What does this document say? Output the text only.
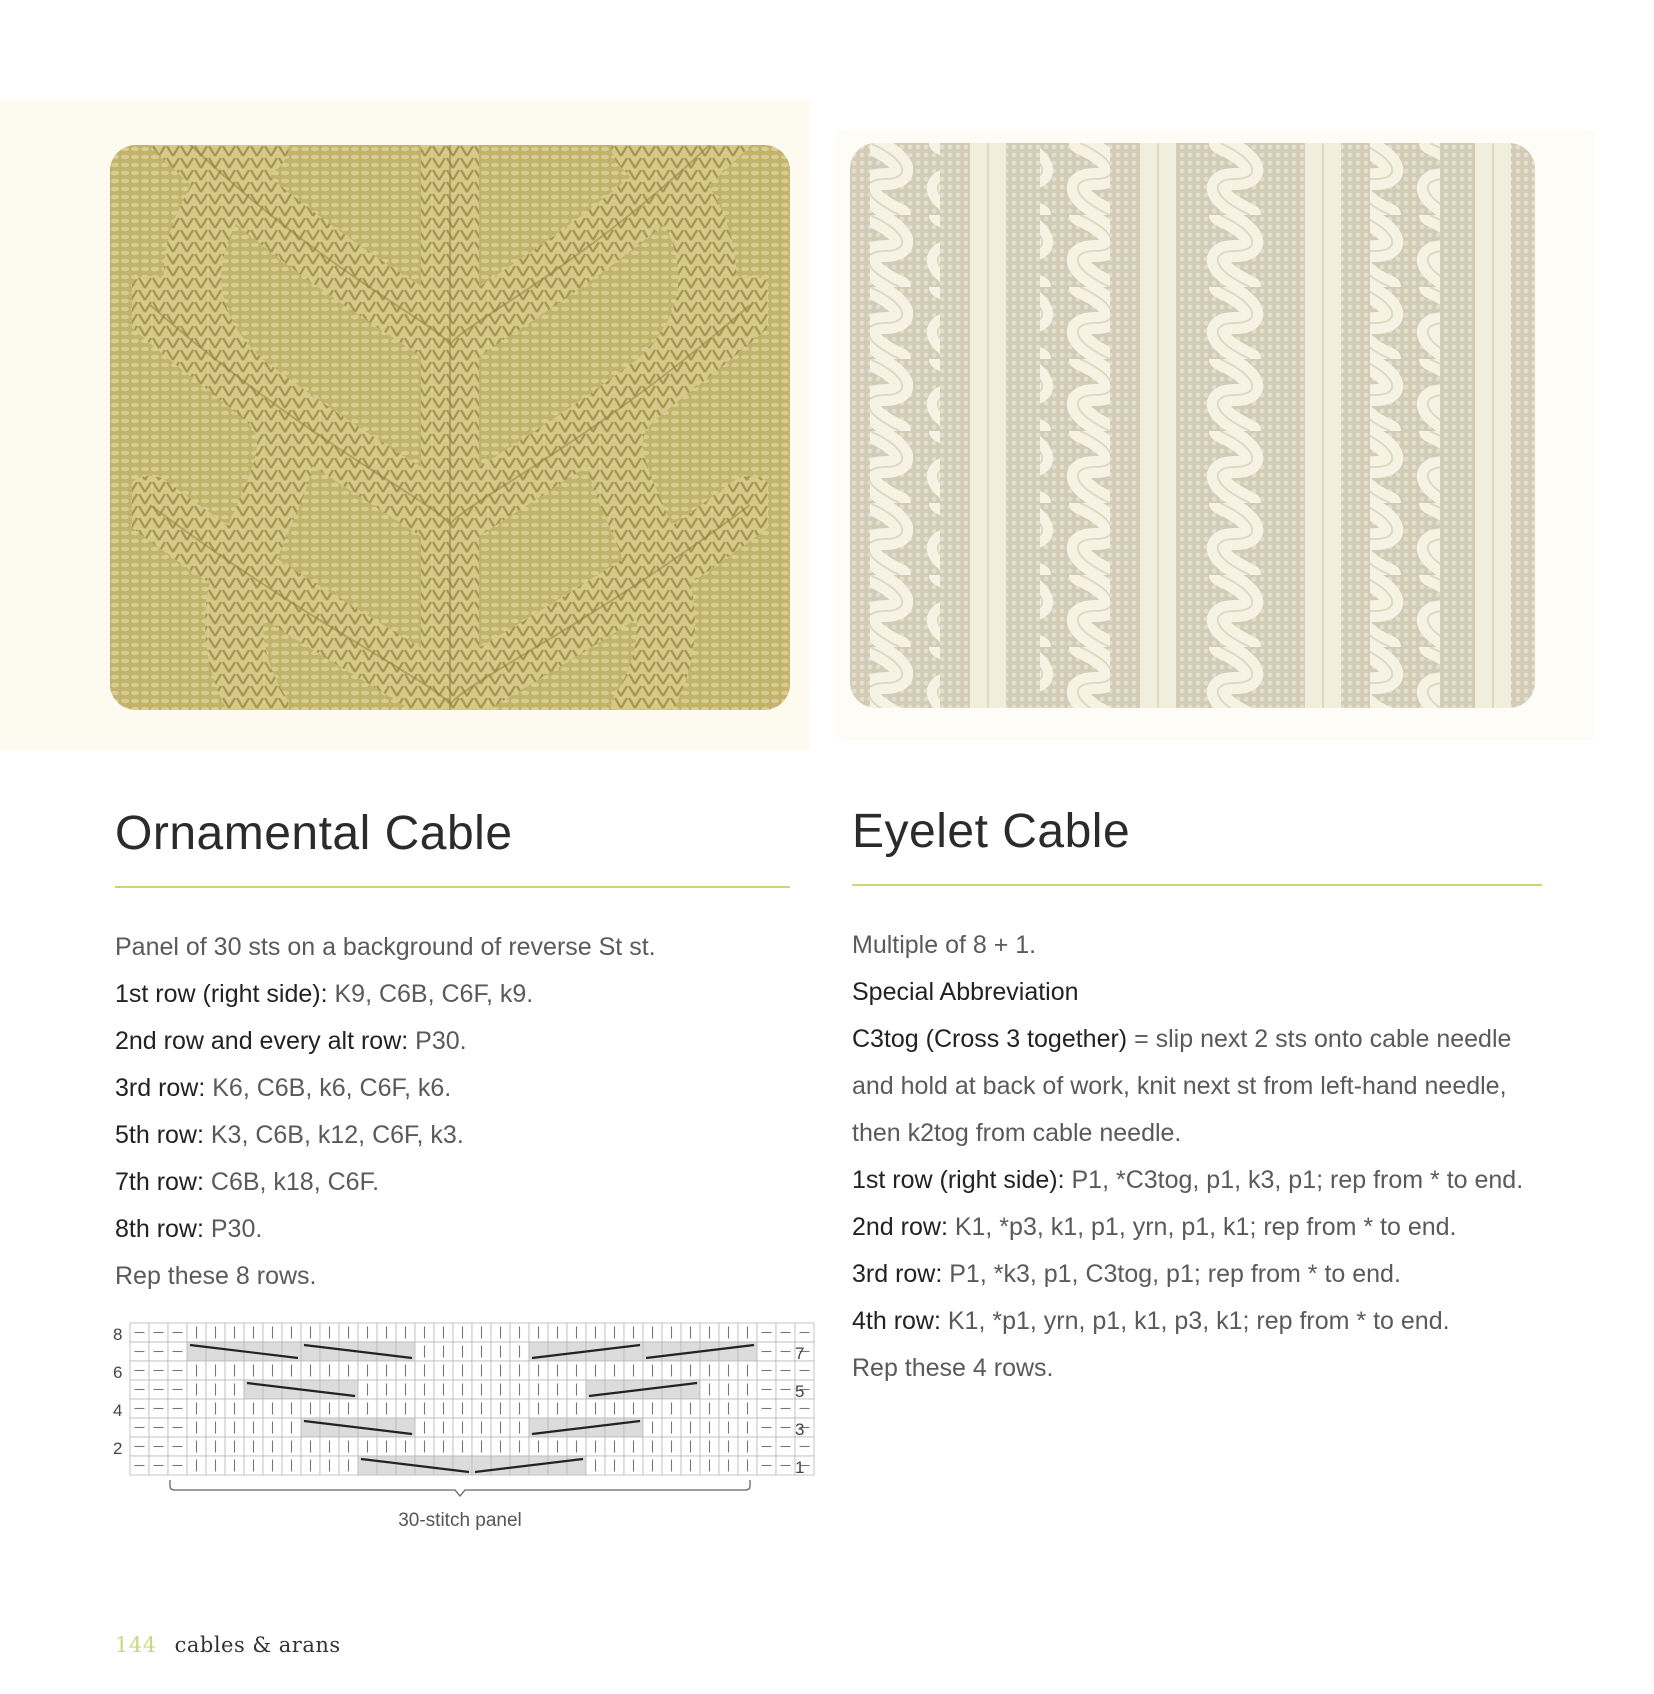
Ornamental Cable
Panel of 30 sts on a background of reverse St st.
1st row (right side): K9, C6B, C6F, k9.
2nd row and every alt row: P30.
3rd row: K6, C6B, k6, C6F, k6.
5th row: K3, C6B, k12, C6F, k3.
7th row: C6B, k18, C6F.
8th row: P30.
Rep these 8 rows.
8
6
4
2
7
5
3
1
30-stitch panel
Eyelet Cable
Multiple of 8 + 1.
Special Abbreviation
C3tog (Cross 3 together) = slip next 2 sts onto cable needle and hold at back of work, knit next st from left-hand needle, then k2tog from cable needle.
1st row (right side): P1, *C3tog, p1, k3, p1; rep from * to end.
2nd row: K1, *p3, k1, p1, yrn, p1, k1; rep from * to end.
3rd row: P1, *k3, p1, C3tog, p1; rep from * to end.
4th row: K1, *p1, yrn, p1, k1, p3, k1; rep from * to end.
Rep these 4 rows.
144 cables & arans
